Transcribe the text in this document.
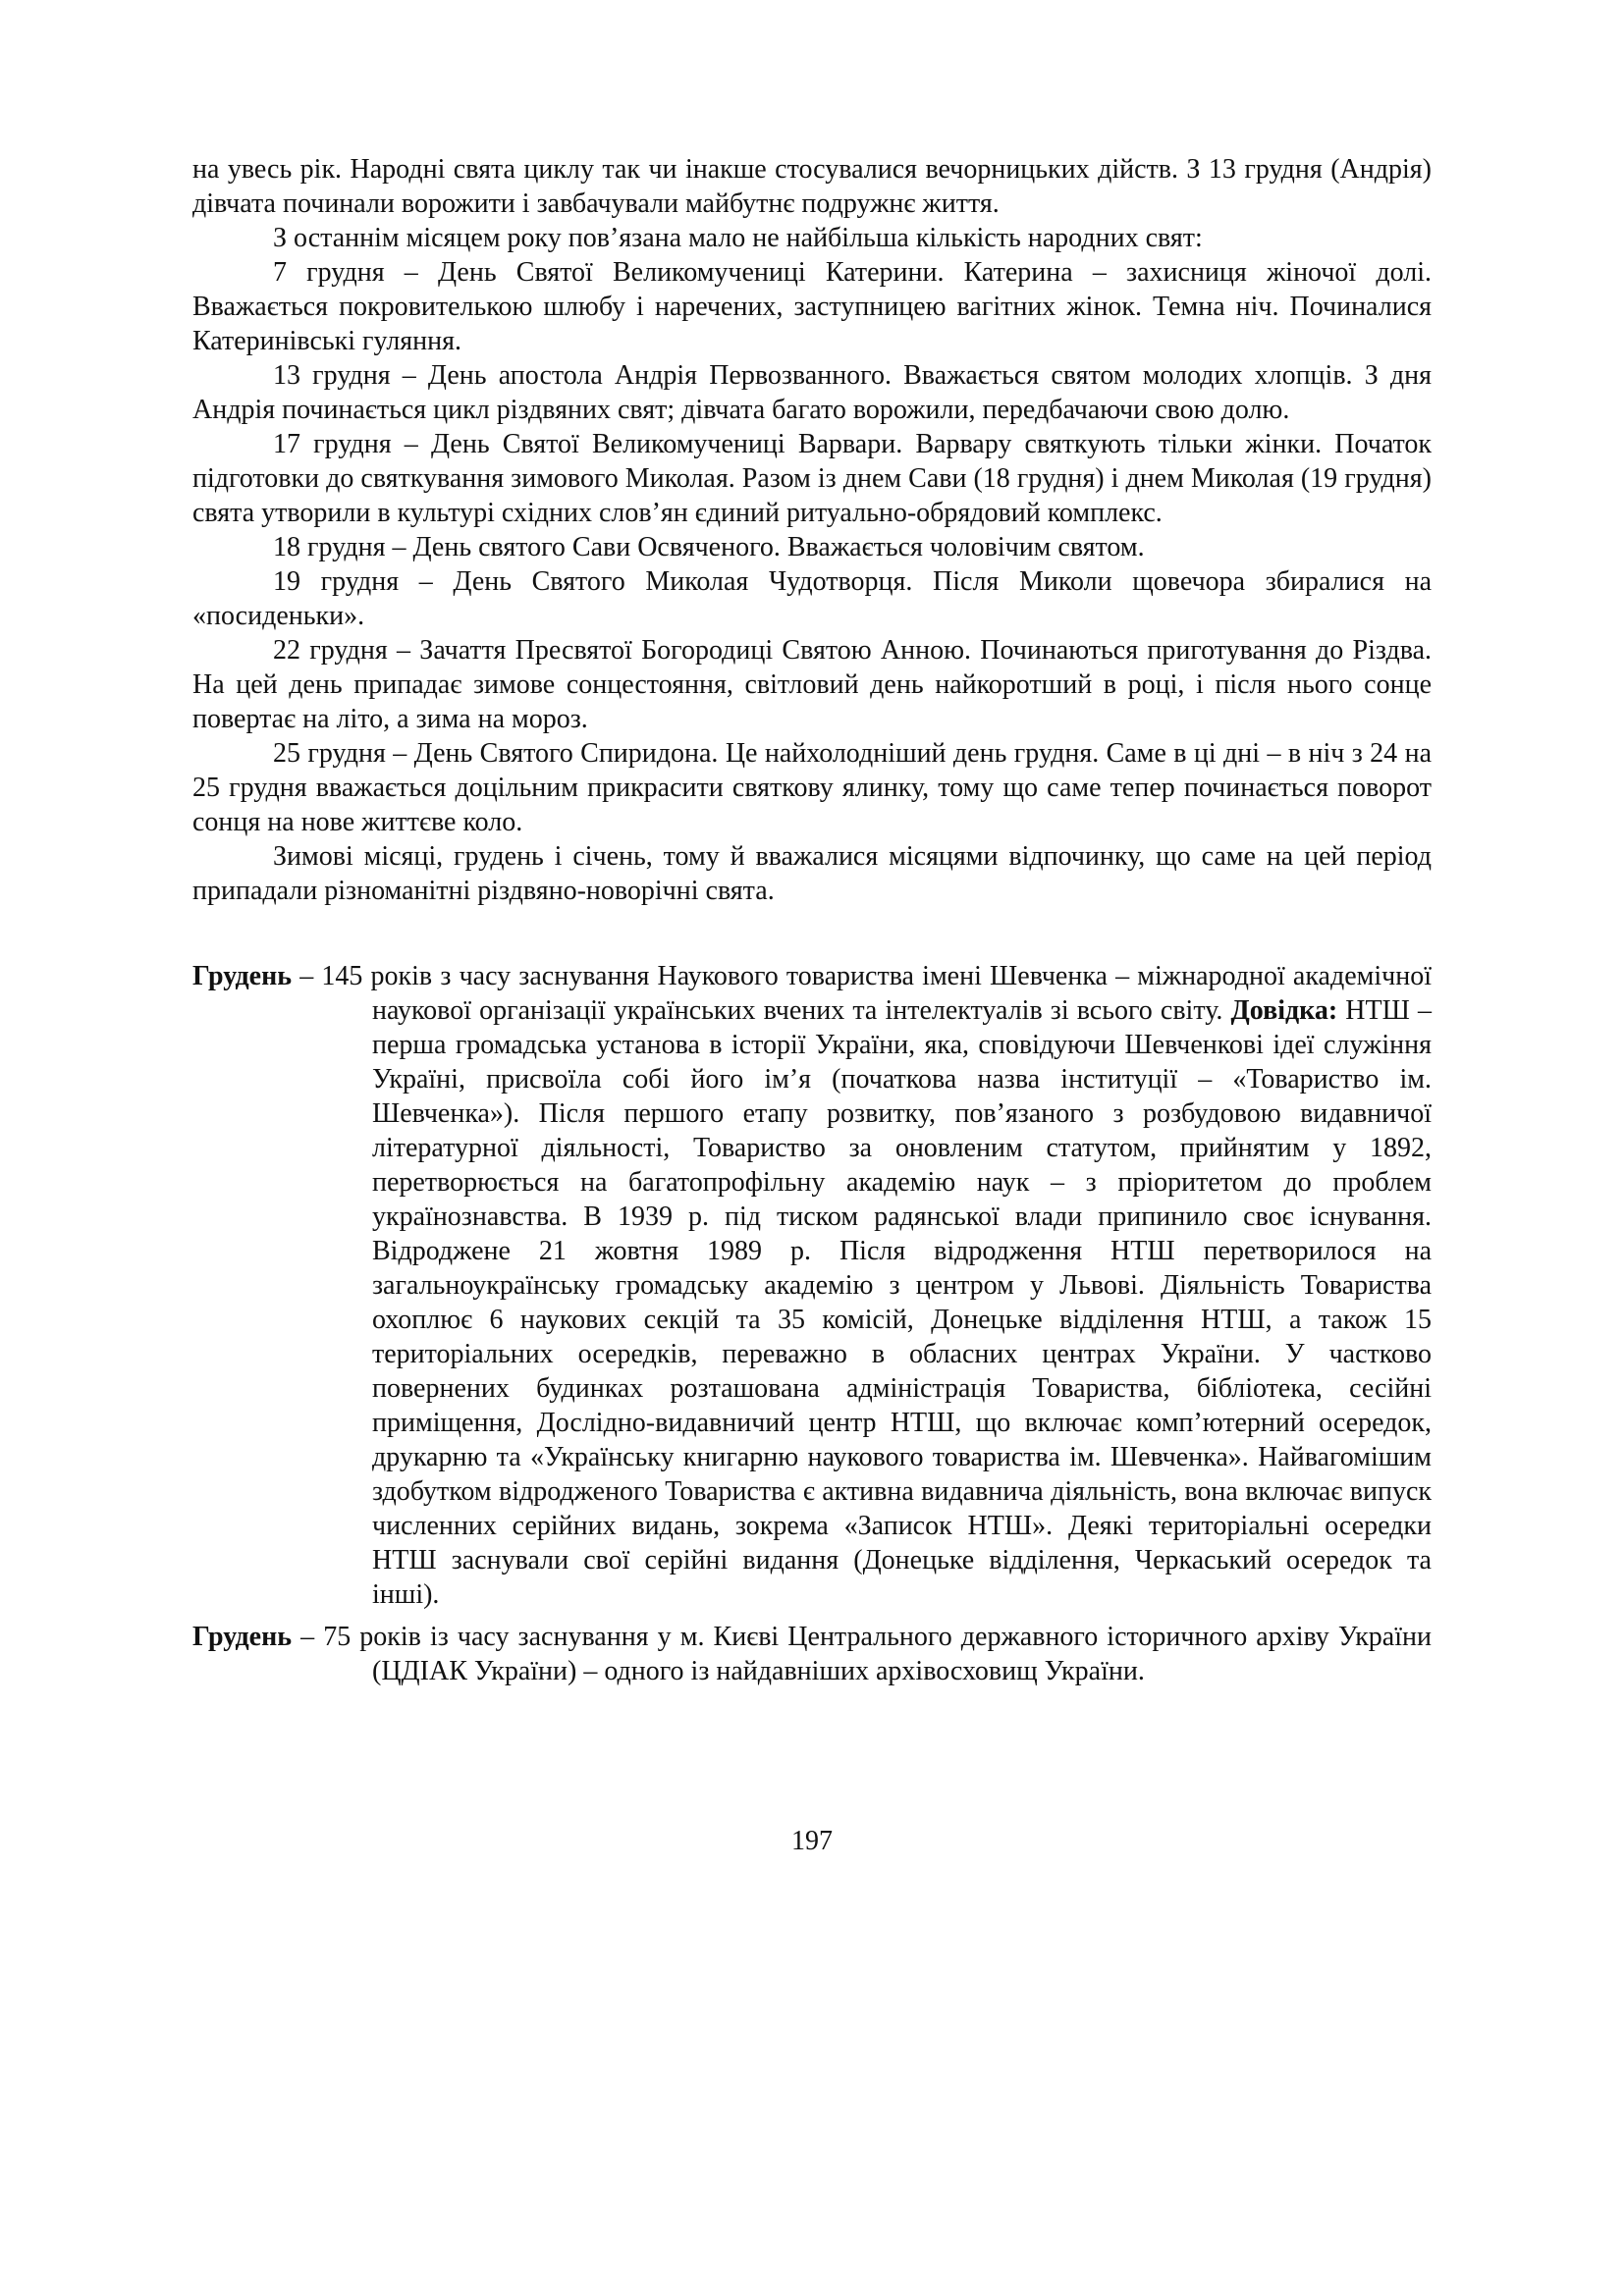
на увесь рік. Народні свята циклу так чи інакше стосувалися вечорницьких дійств. З 13 грудня (Андрія) дівчата починали ворожити і завбачували майбутнє подружнє життя.

З останнім місяцем року пов’язана мало не найбільша кількість народних свят:

7 грудня – День Святої Великомучениці Катерини. Катерина – захисниця жіночої долі. Вважається покровителькою шлюбу і наречених, заступницею вагітних жінок. Темна ніч. Починалися Катеринівські гуляння.

13 грудня – День апостола Андрія Первозванного. Вважається святом молодих хлопців. З дня Андрія починається цикл різдвяних свят; дівчата багато ворожили, передбачаючи свою долю.

17 грудня – День Святої Великомучениці Варвари. Варвару святкують тільки жінки. Початок підготовки до святкування зимового Миколая. Разом із днем Сави (18 грудня) і днем Миколая (19 грудня) свята утворили в культурі східних слов’ян єдиний ритуально-обрядовий комплекс.

18 грудня – День святого Сави Освяченого. Вважається чоловічим святом.

19 грудня – День Святого Миколая Чудотворця. Після Миколи щовечора збиралися на «посиденьки».

22 грудня – Зачаття Пресвятої Богородиці Святою Анною. Починаються приготування до Різдва. На цей день припадає зимове сонцестояння, світловий день найкоротший в році, і після нього сонце повертає на літо, а зима на мороз.

25 грудня – День Святого Спиридона. Це найхолодніший день грудня. Саме в ці дні – в ніч з 24 на 25 грудня вважається доцільним прикрасити святкову ялинку, тому що саме тепер починається поворот сонця на нове життєве коло.

Зимові місяці, грудень і січень, тому й вважалися місяцями відпочинку, що саме на цей період припадали різноманітні різдвяно-новорічні свята.

Грудень – 145 років з часу заснування Наукового товариства імені Шевченка – міжнародної академічної наукової організації українських вчених та інтелектуалів зі всього світу. Довідка: НТШ – перша громадська установа в історії України, яка, сповідуючи Шевченкові ідеї служіння Україні, присвоїла собі його ім’я (початкова назва інституції – «Товариство ім. Шевченка»). Після першого етапу розвитку, пов’язаного з розбудовою видавничої літературної діяльності, Товариство за оновленим статутом, прийнятим у 1892, перетворюється на багатопрофільну академію наук – з пріоритетом до проблем українознавства. В 1939 р. під тиском радянської влади припинило своє існування. Відроджене 21 жовтня 1989 р. Після відродження НТШ перетворилося на загальноукраїнську громадську академію з центром у Львові. Діяльність Товариства охоплює 6 наукових секцій та 35 комісій, Донецьке відділення НТШ, а також 15 територіальних осередків, переважно в обласних центрах України. У частково повернених будинках розташована адміністрація Товариства, бібліотека, сесійні приміщення, Дослідно-видавничий центр НТШ, що включає комп’ютерний осередок, друкарню та «Українську книгарню наукового товариства ім. Шевченка». Найвагомішим здобутком відродженого Товариства є активна видавнича діяльність, вона включає випуск численних серійних видань, зокрема «Записок НТШ». Деякі територіальні осередки НТШ заснували свої серійні видання (Донецьке відділення, Черкаський осередок та інші).

Грудень – 75 років із часу заснування у м. Києві Центрального державного історичного архіву України (ЦДІАК України) – одного із найдавніших архівосховищ України.

197
